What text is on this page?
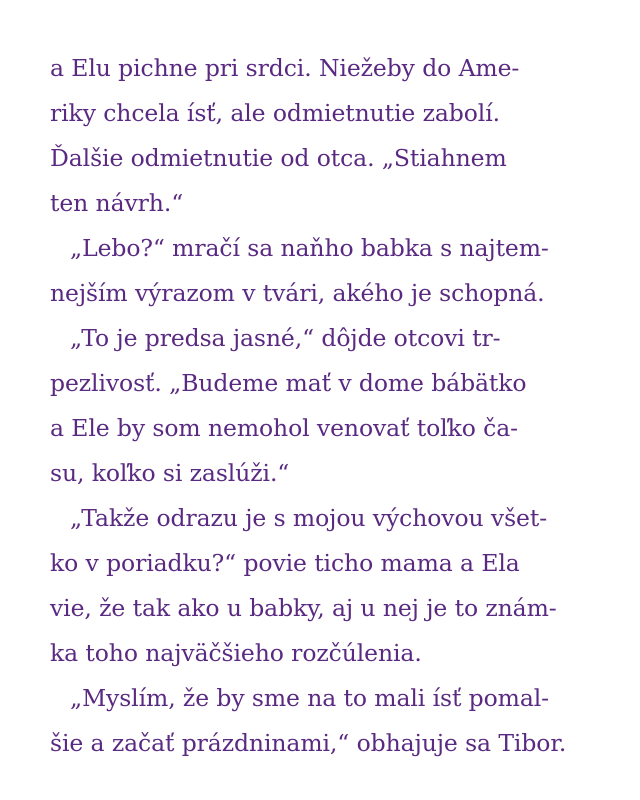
a Elu pichne pri srdci. Niežeby do Ame-
riky chcela ísť, ale odmietnutie zabolí.
Ďalšie odmietnutie od otca. „Stiahnem
ten návrh.“
„Lebo?“ mračí sa naňho babka s najtem-
nejším výrazom v tvári, akého je schopná.
„To je predsa jasné,“ dôjde otcovi tr-
pezlivosť. „Budeme mať v dome bábätko
a Ele by som nemohol venovať toľko ča-
su, koľko si zaslúži.“
„Takže odrazu je s mojou výchovou všet-
ko v poriadku?“ povie ticho mama a Ela
vie, že tak ako u babky, aj u nej je to znám-
ka toho najväčšieho rozčúlenia.
„Myslím, že by sme na to mali ísť pomal-
šie a začať prázdninami,“ obhajuje sa Tibor.
